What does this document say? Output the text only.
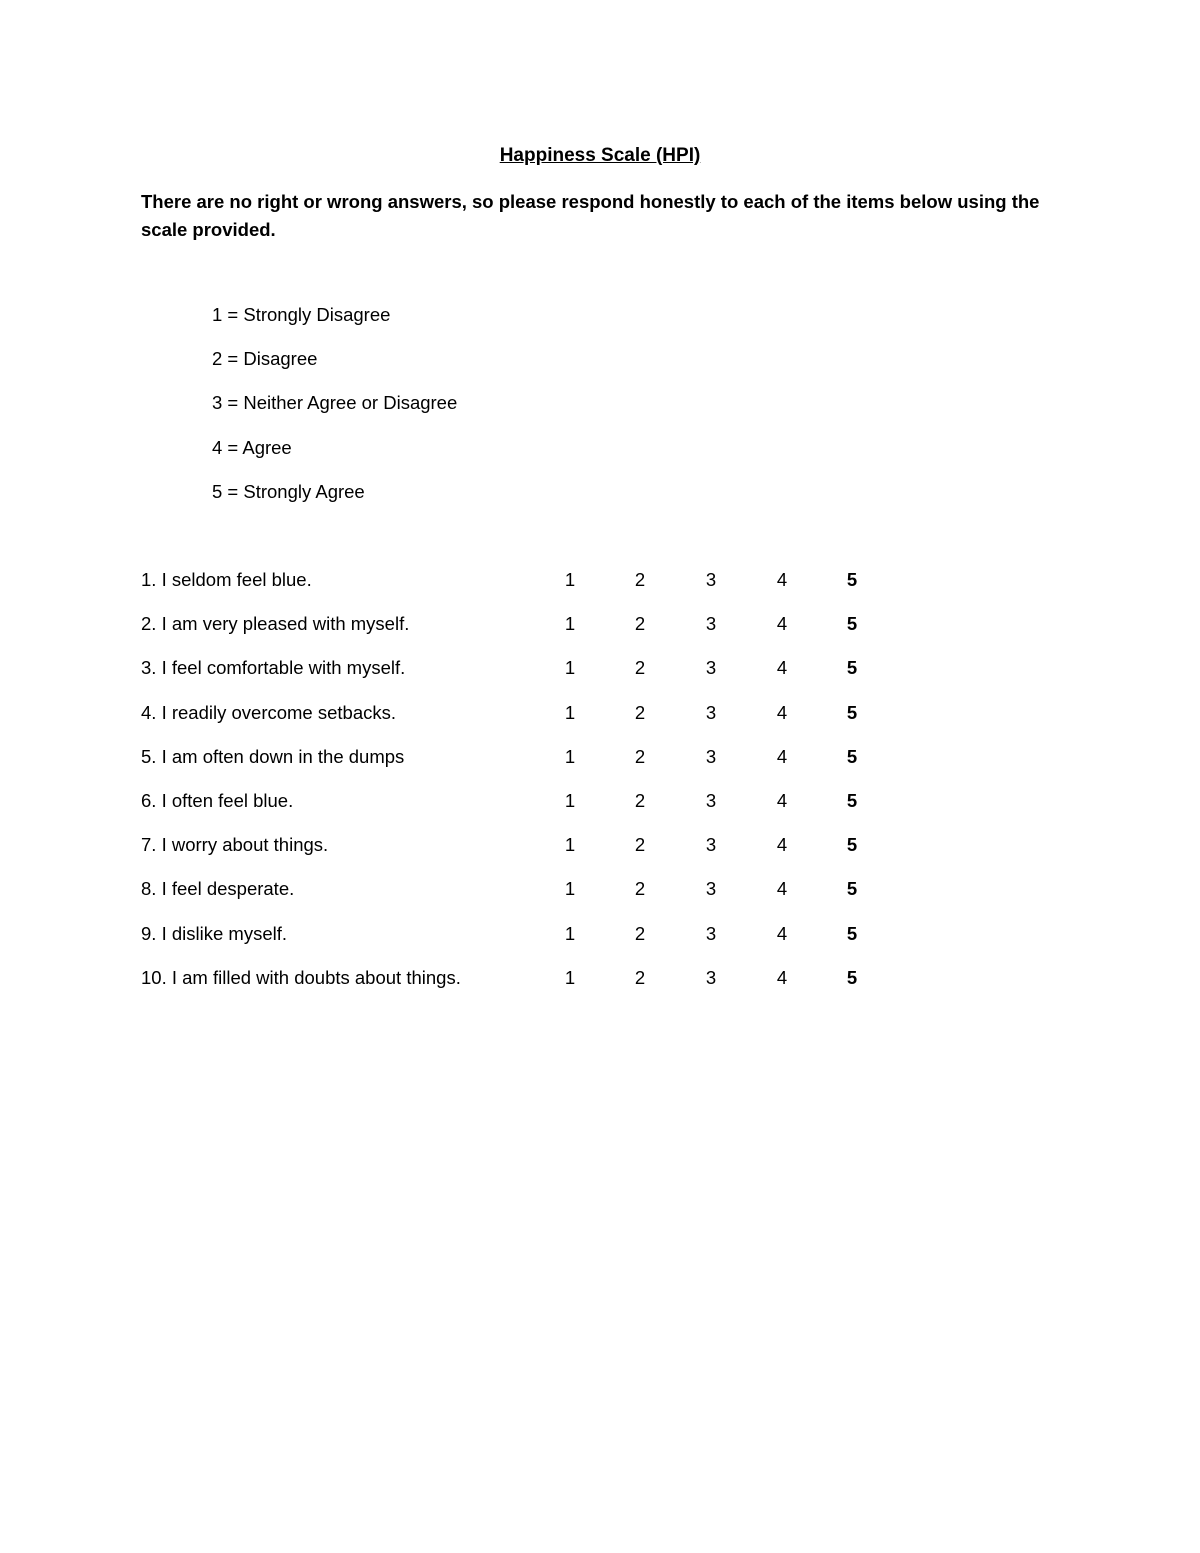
Happiness Scale (HPI)
There are no right or wrong answers, so please respond honestly to each of the items below using the scale provided.
1 = Strongly Disagree
2 = Disagree
3 = Neither Agree or Disagree
4 = Agree
5 = Strongly Agree
1. I seldom feel blue.	1	2	3	4	5
2. I am very pleased with myself.	1	2	3	4	5
3. I feel comfortable with myself.	1	2	3	4	5
4. I readily overcome setbacks.	1	2	3	4	5
5. I am often down in the dumps	1	2	3	4	5
6. I often feel blue.	1	2	3	4	5
7. I worry about things.	1	2	3	4	5
8. I feel desperate.	1	2	3	4	5
9. I dislike myself.	1	2	3	4	5
10. I am filled with doubts about things.	1	2	3	4	5
